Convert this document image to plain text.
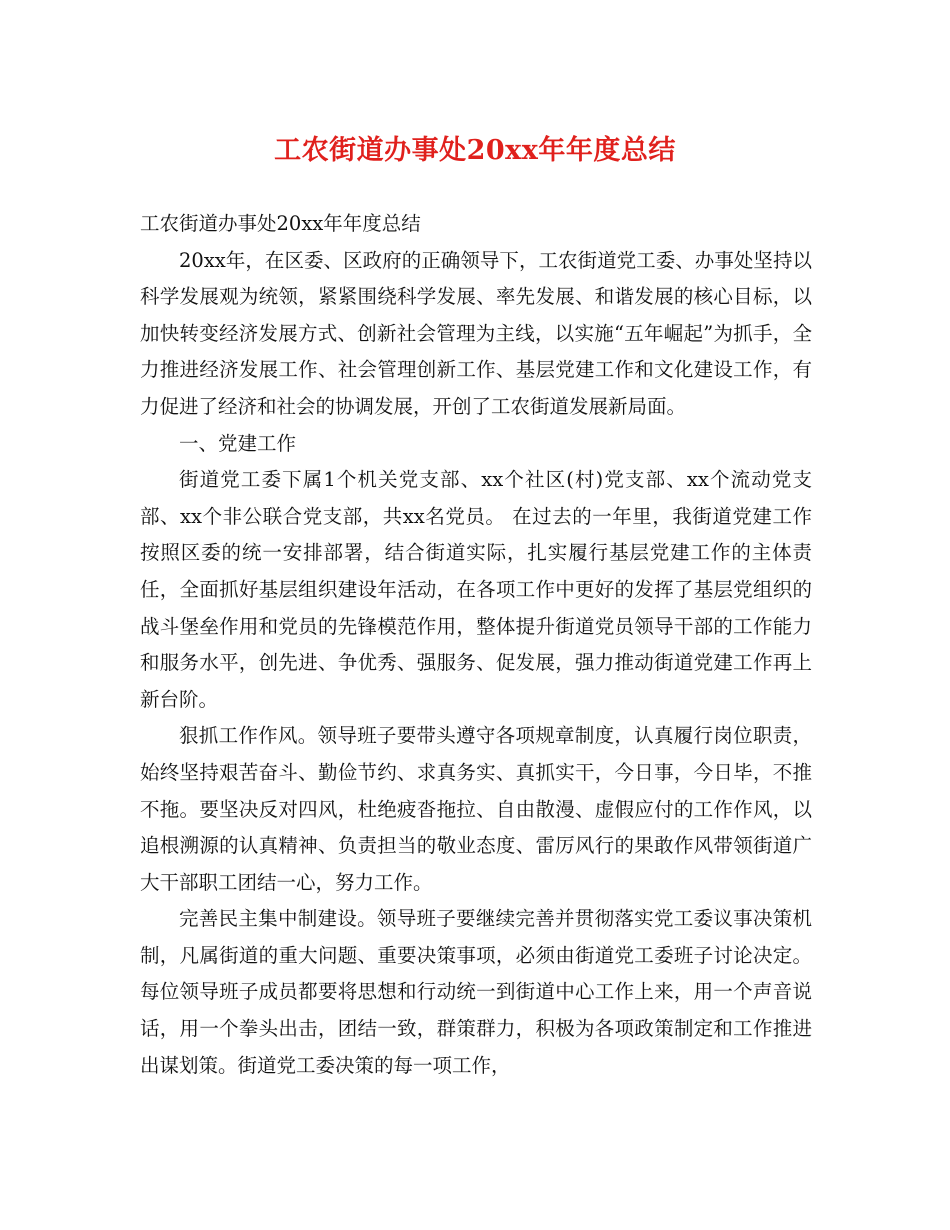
工农街道办事处20xx年年度总结

工农街道办事处20xx年年度总结

20xx年，在区委、区政府的正确领导下，工农街道党工委、办事处坚持以科学发展观为统领，紧紧围绕科学发展、率先发展、和谐发展的核心目标，以加快转变经济发展方式、创新社会管理为主线，以实施“五年崛起”为抓手，全力推进经济发展工作、社会管理创新工作、基层党建工作和文化建设工作，有力促进了经济和社会的协调发展，开创了工农街道发展新局面。

一、党建工作

街道党工委下属1个机关党支部、xx个社区(村)党支部、xx个流动党支部、xx个非公联合党支部，共xx名党员。 在过去的一年里，我街道党建工作按照区委的统一安排部署，结合街道实际，扎实履行基层党建工作的主体责任，全面抓好基层组织建设年活动，在各项工作中更好的发挥了基层党组织的战斗堡垒作用和党员的先锋模范作用，整体提升街道党员领导干部的工作能力和服务水平，创先进、争优秀、强服务、促发展，强力推动街道党建工作再上新台阶。

狠抓工作作风。领导班子要带头遵守各项规章制度，认真履行岗位职责，始终坚持艰苦奋斗、勤俭节约、求真务实、真抓实干，今日事，今日毕，不推不拖。要坚决反对四风，杜绝疲沓拖拉、自由散漫、虚假应付的工作作风，以追根溯源的认真精神、负责担当的敬业态度、雷厉风行的果敢作风带领街道广大干部职工团结一心，努力工作。

完善民主集中制建设。领导班子要继续完善并贯彻落实党工委议事决策机制，凡属街道的重大问题、重要决策事项，必须由街道党工委班子讨论决定。每位领导班子成员都要将思想和行动统一到街道中心工作上来，用一个声音说话，用一个拳头出击，团结一致，群策群力，积极为各项政策制定和工作推进出谋划策。街道党工委决策的每一项工作，
